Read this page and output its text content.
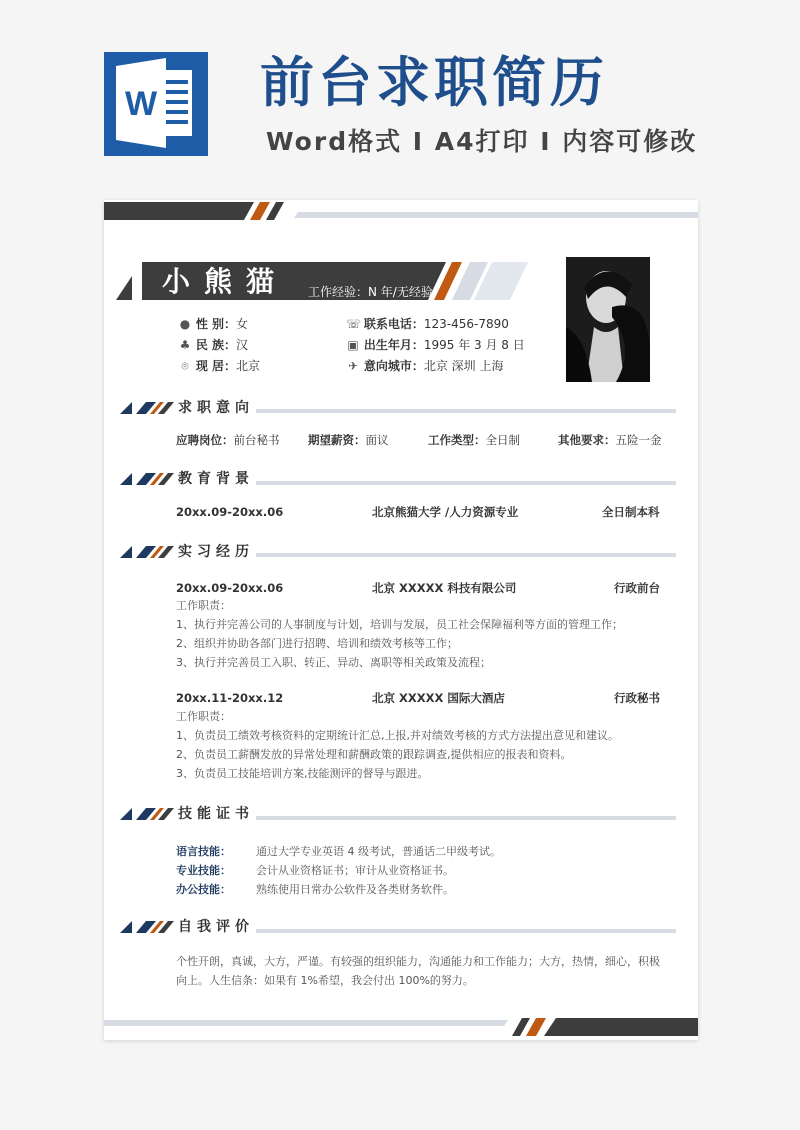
W 前台求职简历
Word格式 I A4打印 I 内容可修改
小熊猫 工作经验：N 年/无经验
● 性 别：女
♣ 民 族：汉
⌾ 现 居：北京
☏ 联系电话：123-456-7890
▣ 出生年月：1995 年 3 月 8 日
✈ 意向城市：北京 深圳 上海
求职意向
应聘岗位：前台秘书 期望薪资：面议	工作类型：全日制	其他要求：五险一金
教育背景
20xx.09-20xx.06	北京熊猫大学 /人力资源专业	全日制本科
实习经历
20xx.09-20xx.06	北京 XXXXX 科技有限公司	行政前台
工作职责：
1、执行并完善公司的人事制度与计划，培训与发展，员工社会保障福利等方面的管理工作；
2、组织并协助各部门进行招聘、培训和绩效考核等工作；
3、执行并完善员工入职、转正、异动、离职等相关政策及流程；
20xx.11-20xx.12	北京 XXXXX 国际大酒店	行政秘书
工作职责：
1、负责员工绩效考核资料的定期统计汇总,上报,并对绩效考核的方式方法提出意见和建议。
2、负责员工薪酬发放的异常处理和薪酬政策的跟踪调查,提供相应的报表和资料。
3、负责员工技能培训方案,技能测评的督导与跟进。
技能证书
语言技能： 通过大学专业英语 4 级考试，普通话二甲级考试。
专业技能： 会计从业资格证书；审计从业资格证书。
办公技能： 熟练使用日常办公软件及各类财务软件。
自我评价
个性开朗，真诚，大方，严谨。有较强的组织能力，沟通能力和工作能力；大方，热情，细心，积极
向上。人生信条：如果有 1%希望，我会付出 100%的努力。
